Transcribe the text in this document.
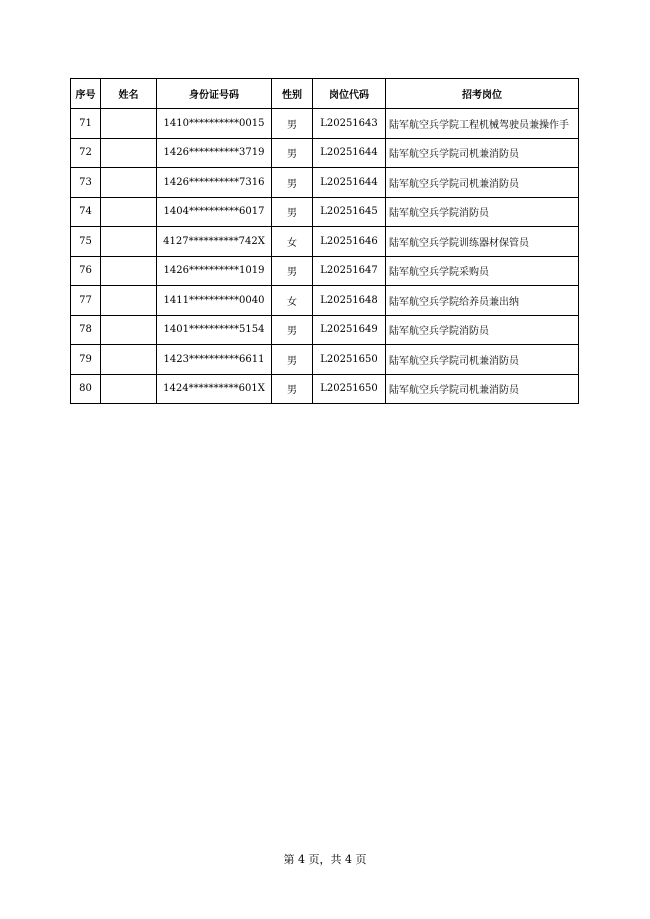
序号	姓名	身份证号码	性别	岗位代码	招考岗位
71		1410**********0015	男	L20251643	陆军航空兵学院工程机械驾驶员兼操作手
72		1426**********3719	男	L20251644	陆军航空兵学院司机兼消防员
73		1426**********7316	男	L20251644	陆军航空兵学院司机兼消防员
74		1404**********6017	男	L20251645	陆军航空兵学院消防员
75		4127**********742X	女	L20251646	陆军航空兵学院训练器材保管员
76		1426**********1019	男	L20251647	陆军航空兵学院采购员
77		1411**********0040	女	L20251648	陆军航空兵学院给养员兼出纳
78		1401**********5154	男	L20251649	陆军航空兵学院消防员
79		1423**********6611	男	L20251650	陆军航空兵学院司机兼消防员
80		1424**********601X	男	L20251650	陆军航空兵学院司机兼消防员
第 4 页，共 4 页
